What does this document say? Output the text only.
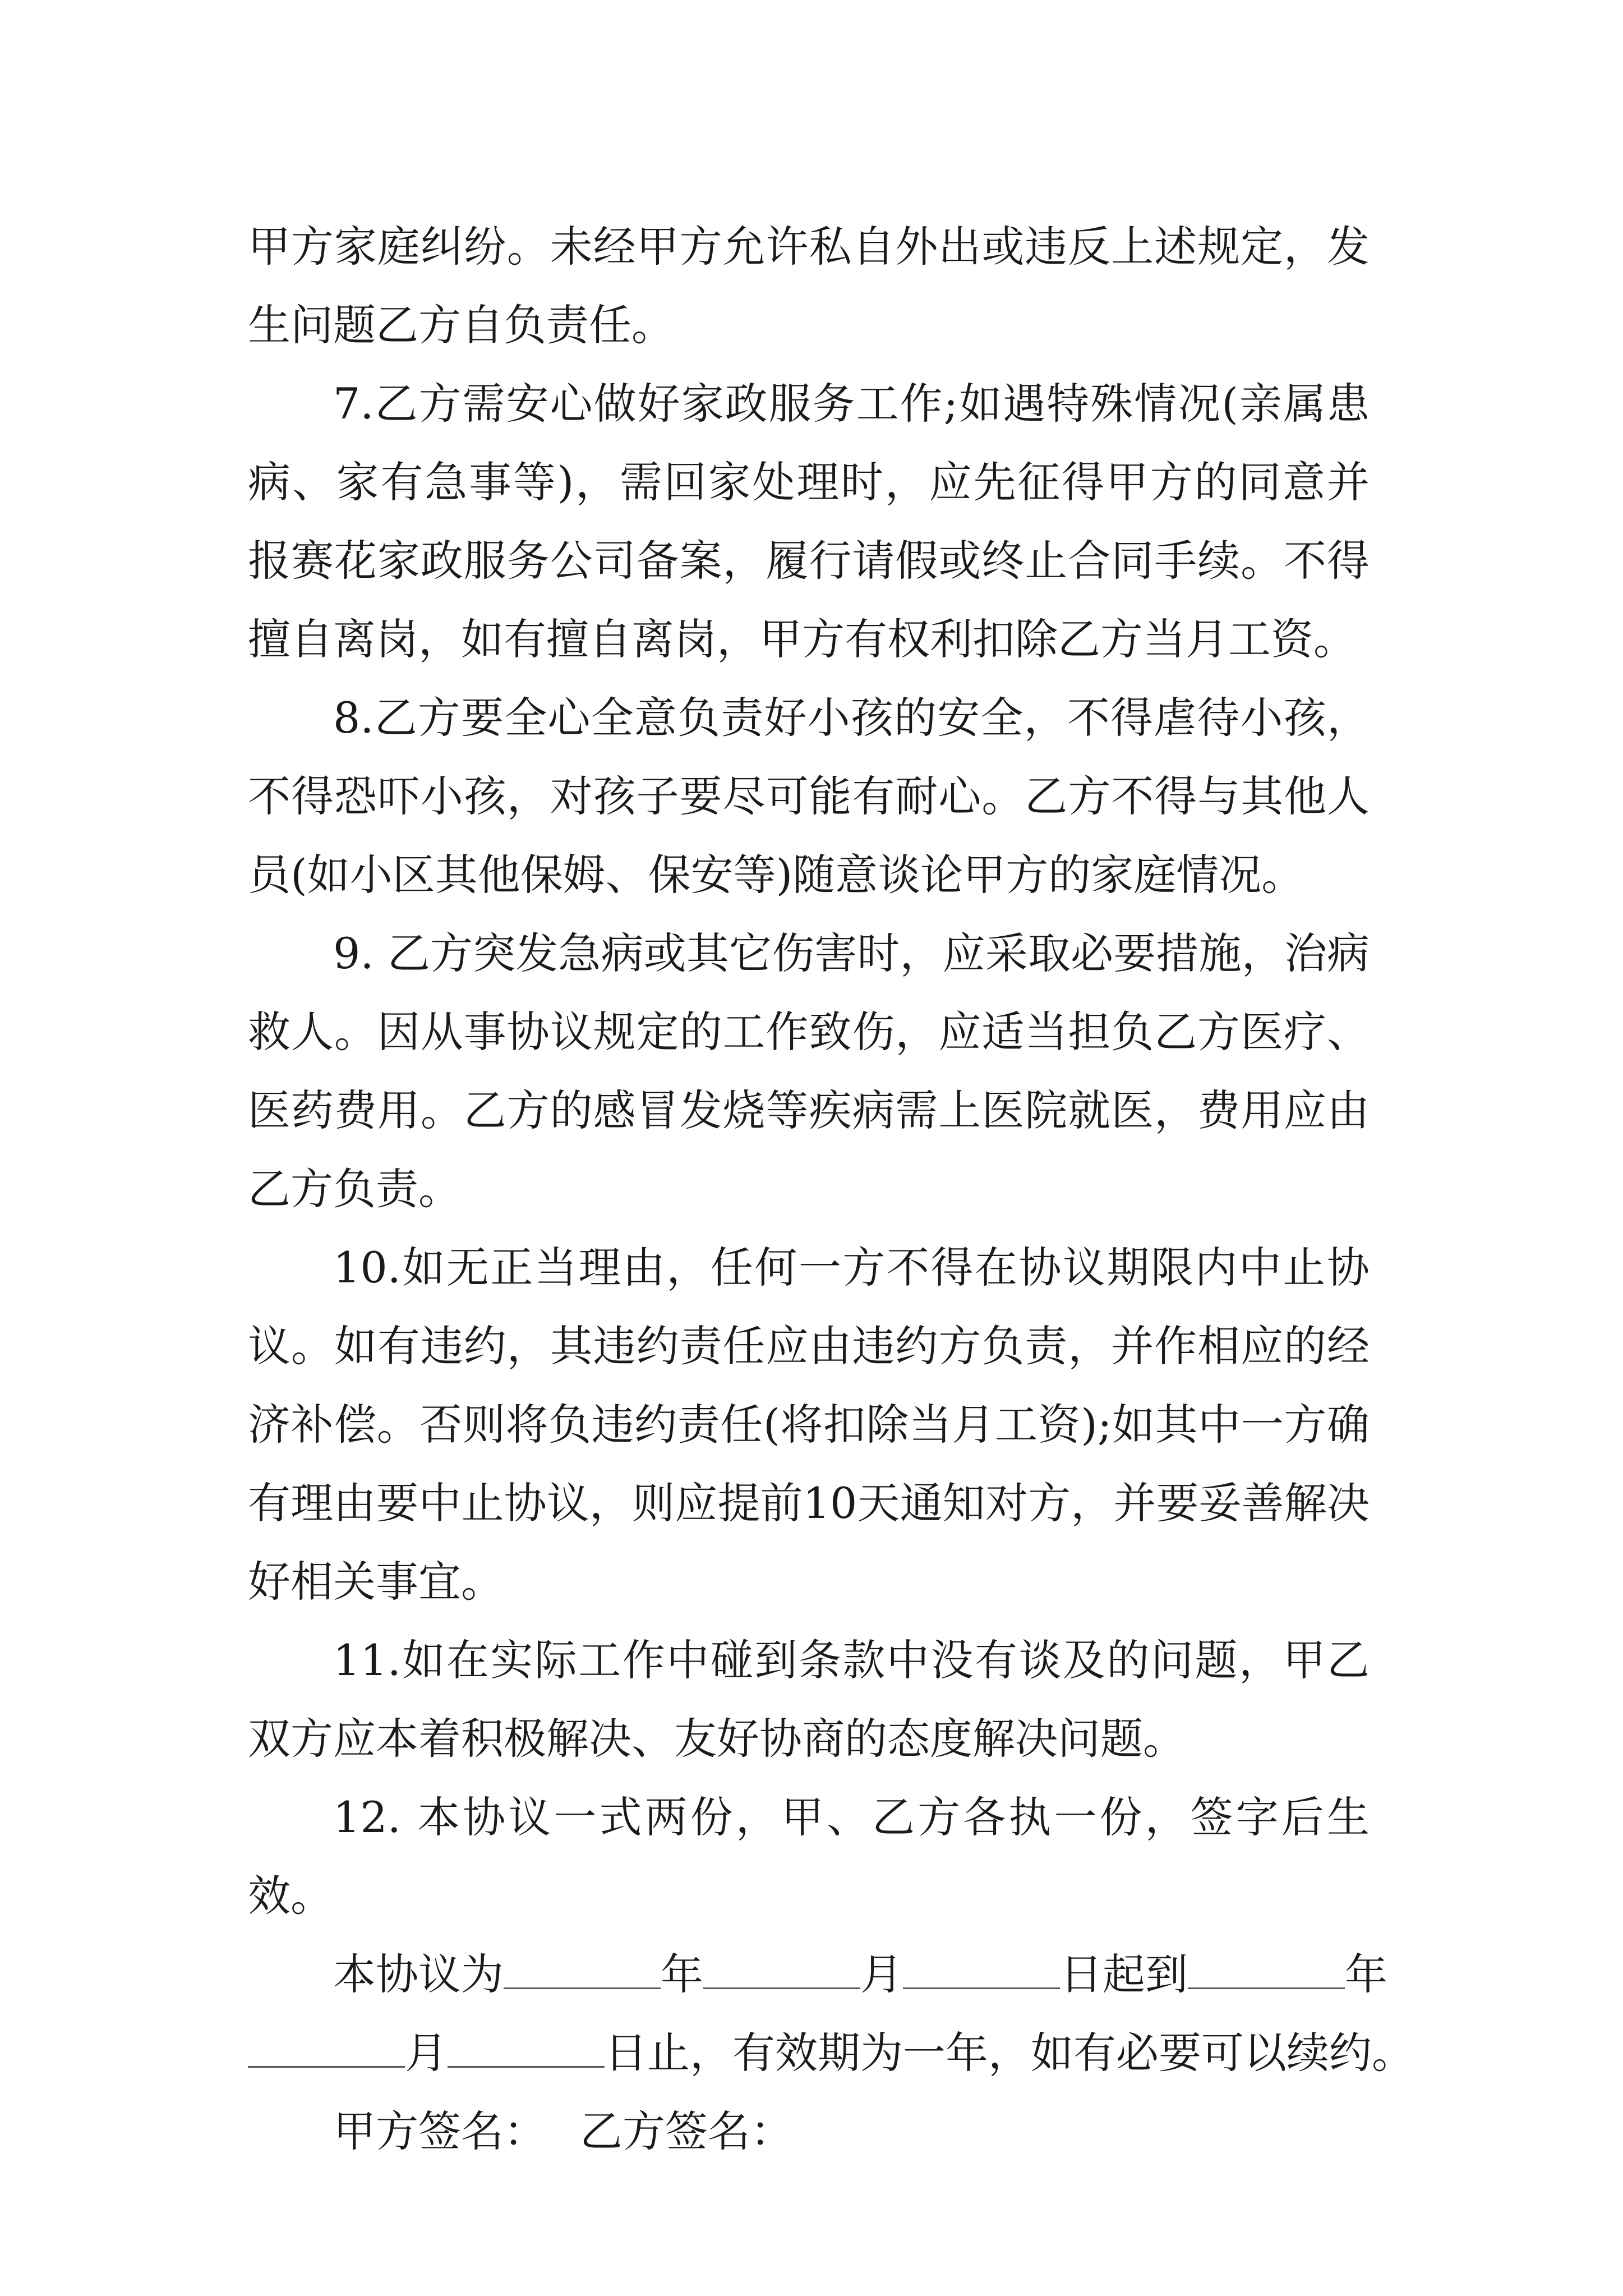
甲方家庭纠纷。未经甲方允许私自外出或违反上述规定，发生问题乙方自负责任。

7.乙方需安心做好家政服务工作;如遇特殊情况(亲属患病、家有急事等)，需回家处理时，应先征得甲方的同意并报赛花家政服务公司备案，履行请假或终止合同手续。不得擅自离岗，如有擅自离岗，甲方有权利扣除乙方当月工资。

8.乙方要全心全意负责好小孩的安全，不得虐待小孩，不得恐吓小孩，对孩子要尽可能有耐心。乙方不得与其他人员(如小区其他保姆、保安等)随意谈论甲方的家庭情况。

9. 乙方突发急病或其它伤害时，应采取必要措施，治病救人。因从事协议规定的工作致伤，应适当担负乙方医疗、医药费用。乙方的感冒发烧等疾病需上医院就医，费用应由乙方负责。

10.如无正当理由，任何一方不得在协议期限内中止协议。如有违约，其违约责任应由违约方负责，并作相应的经济补偿。否则将负违约责任(将扣除当月工资);如其中一方确有理由要中止协议，则应提前10天通知对方，并要妥善解决好相关事宜。

11.如在实际工作中碰到条款中没有谈及的问题，甲乙双方应本着积极解决、友好协商的态度解决问题。

12. 本协议一式两份，甲、乙方各执一份，签字后生效。

本协议为	年	月	日起到	年

月	日止，有效期为一年，如有必要可以续约。

甲方签名： 乙方签名：
